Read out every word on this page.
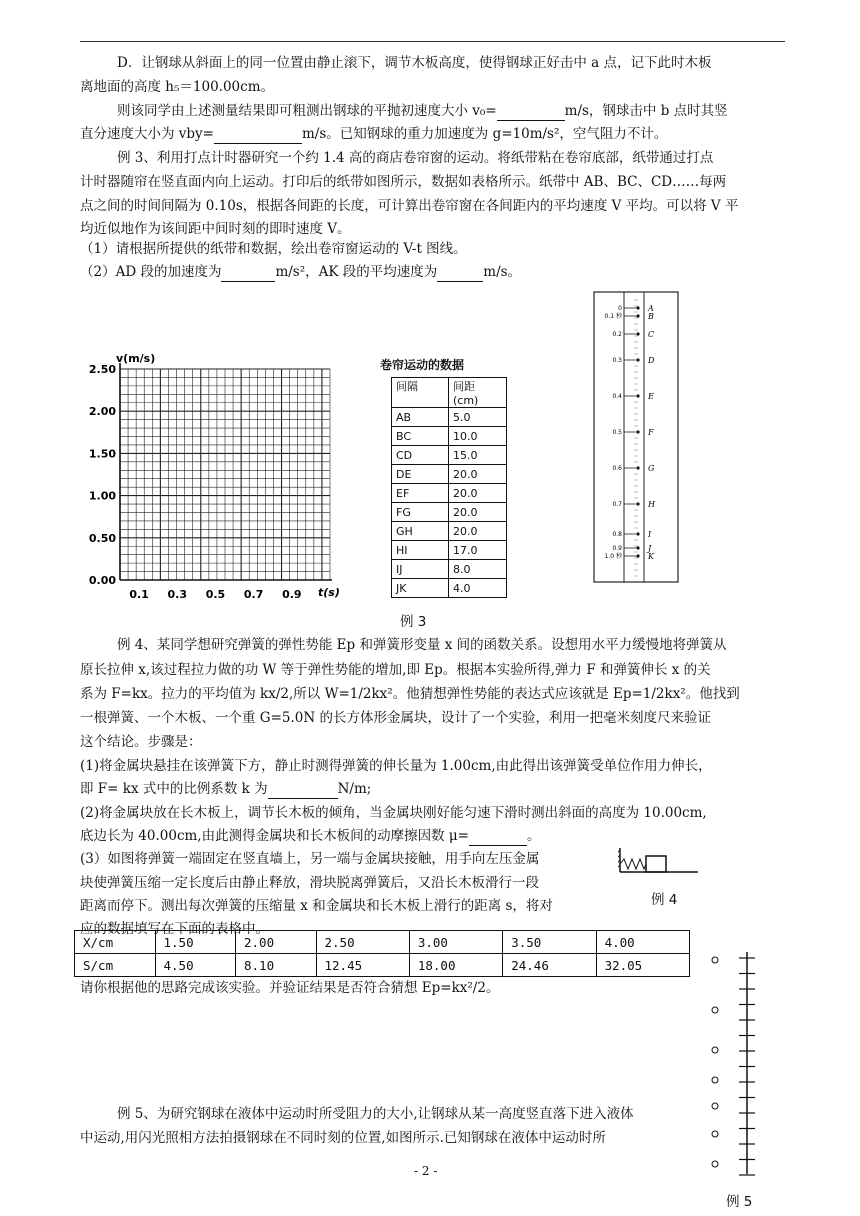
D．让钢球从斜面上的同一位置由静止滚下，调节木板高度，使得钢球正好击中 a 点，记下此时木板
离地面的高度 h₅＝100.00cm。
则该同学由上述测量结果即可粗测出钢球的平抛初速度大小 v₀=	m/s，钢球击中 b 点时其竖
直分速度大小为 vby=	m/s。已知钢球的重力加速度为 g=10m/s²，空气阻力不计。
例 3、利用打点计时器研究一个约 1.4 高的商店卷帘窗的运动。将纸带粘在卷帘底部，纸带通过打点
计时器随帘在竖直面内向上运动。打印后的纸带如图所示，数据如表格所示。纸带中 AB、BC、CD……每两
点之间的时间间隔为 0.10s，根据各间距的长度，可计算出卷帘窗在各间距内的平均速度 V 平均。可以将 V 平
均近似地作为该间距中间时刻的即时速度 V。
（1）请根据所提供的纸带和数据，绘出卷帘窗运动的 V-t 图线。
（2）AD 段的加速度为	m/s²，AK 段的平均速度为	m/s。
2.50
2.00
1.50
1.00
0.50
0.00
0.1 0.3 0.5 0.7 0.9
v(m/s)
t(s)
卷帘运动的数据
间隔	间距
(cm)

AB	5.0
BC	10.0
CD	15.0
DE	20.0
EF	20.0
FG	20.0
GH	20.0
HI	17.0
IJ	8.0
JK	4.0
0	A
0.1 秒	B
0.2	C
0.3	D
0.4	E
0.5	F
0.6	G
0.7	H
0.8	I
0.9	J
1.0 秒	K
例 3
例 4、某同学想研究弹簧的弹性势能 Ep 和弹簧形变量 x 间的函数关系。设想用水平力缓慢地将弹簧从
原长拉伸 x,该过程拉力做的功 W 等于弹性势能的增加,即 Ep。根据本实验所得,弹力 F 和弹簧伸长 x 的关
系为 F=kx。拉力的平均值为 kx/2,所以 W=1/2kx²。他猜想弹性势能的表达式应该就是 Ep=1/2kx²。他找到
一根弹簧、一个木板、一个重 G=5.0N 的长方体形金属块，设计了一个实验，利用一把毫米刻度尺来验证
这个结论。步骤是：
(1)将金属块悬挂在该弹簧下方，静止时测得弹簧的伸长量为 1.00cm,由此得出该弹簧受单位作用力伸长，
即 F= kx 式中的比例系数 k 为	N/m;
(2)将金属块放在长木板上，调节长木板的倾角，当金属块刚好能匀速下滑时测出斜面的高度为 10.00cm,
底边长为 40.00cm,由此测得金属块和长木板间的动摩擦因数 μ=	。
(3）如图将弹簧一端固定在竖直墙上，另一端与金属块接触，用手向左压金属
块使弹簧压缩一定长度后由静止释放，滑块脱离弹簧后，又沿长木板滑行一段
距离而停下。测出每次弹簧的压缩量 x 和金属块和长木板上滑行的距离 s，将对
应的数据填写在下面的表格中。
例 4
X/cm	1.50	2.00	2.50	3.00	3.50	4.00
S/cm	4.50	8.10	12.45	18.00	24.46	32.05
请你根据他的思路完成该实验。并验证结果是否符合猜想 Ep=kx²/2。
例 5、为研究钢球在液体中运动时所受阻力的大小,让钢球从某一高度竖直落下进入液体
中运动,用闪光照相方法拍摄钢球在不同时刻的位置,如图所示.已知钢球在液体中运动时所
例 5
- 2 -
